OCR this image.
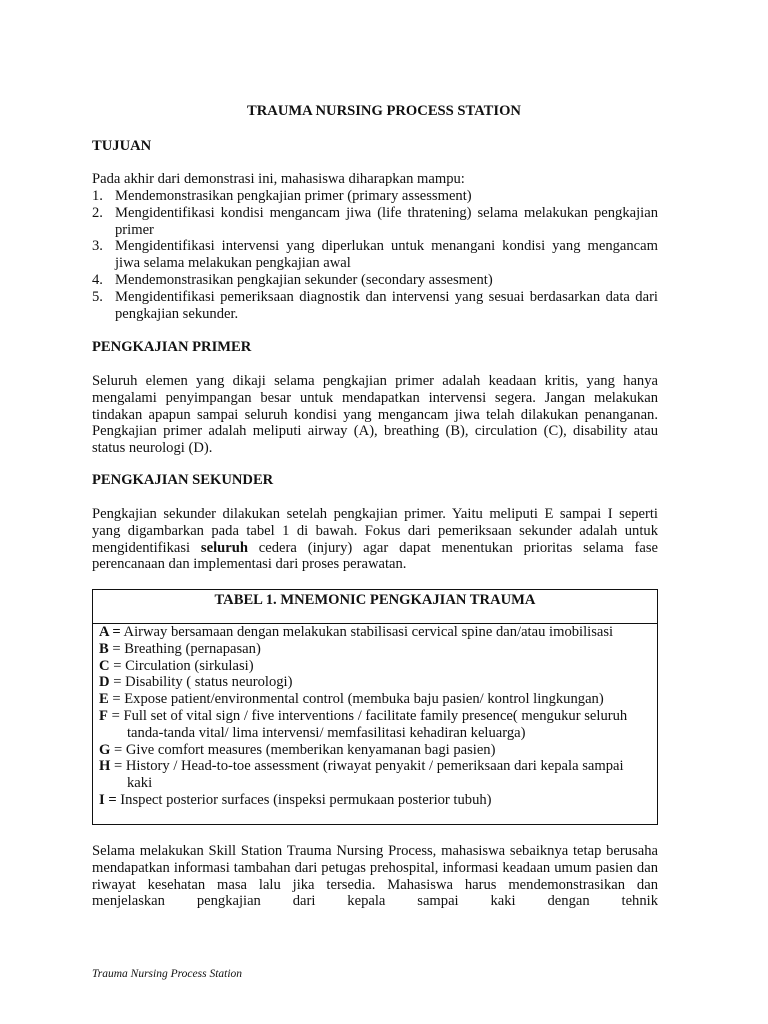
TRAUMA NURSING PROCESS STATION
TUJUAN
Pada akhir dari demonstrasi ini, mahasiswa diharapkan mampu:
1. Mendemonstrasikan pengkajian primer (primary assessment)
2. Mengidentifikasi kondisi mengancam jiwa (life thratening) selama melakukan pengkajian primer
3. Mengidentifikasi intervensi yang diperlukan untuk menangani kondisi yang mengancam jiwa selama melakukan pengkajian awal
4. Mendemonstrasikan pengkajian sekunder (secondary assesment)
5. Mengidentifikasi pemeriksaan diagnostik dan intervensi yang sesuai berdasarkan data dari pengkajian sekunder.
PENGKAJIAN PRIMER
Seluruh elemen yang dikaji selama pengkajian primer adalah keadaan kritis, yang hanya mengalami penyimpangan besar untuk mendapatkan intervensi segera. Jangan melakukan tindakan apapun sampai seluruh kondisi yang mengancam jiwa telah dilakukan penanganan. Pengkajian primer adalah meliputi airway (A), breathing (B), circulation (C), disability atau status neurologi (D).
PENGKAJIAN SEKUNDER
Pengkajian sekunder dilakukan setelah pengkajian primer. Yaitu meliputi E sampai I seperti yang digambarkan pada tabel 1 di bawah. Fokus dari pemeriksaan sekunder adalah untuk mengidentifikasi seluruh cedera (injury) agar dapat menentukan prioritas selama fase perencanaan dan implementasi dari proses perawatan.
TABEL 1. MNEMONIC PENGKAJIAN TRAUMA
A = Airway bersamaan dengan melakukan stabilisasi cervical spine dan/atau imobilisasi
B = Breathing (pernapasan)
C = Circulation (sirkulasi)
D = Disability ( status neurologi)
E = Expose patient/environmental control (membuka baju pasien/ kontrol lingkungan)
F = Full set of vital sign / five interventions / facilitate family presence( mengukur seluruh tanda-tanda vital/ lima intervensi/ memfasilitasi kehadiran keluarga)
G = Give comfort measures (memberikan kenyamanan bagi pasien)
H = History / Head-to-toe assessment (riwayat penyakit / pemeriksaan dari kepala sampai kaki
I = Inspect posterior surfaces (inspeksi permukaan posterior tubuh)
Selama melakukan Skill Station Trauma Nursing Process, mahasiswa sebaiknya tetap berusaha mendapatkan informasi tambahan dari petugas prehospital, informasi keadaan umum pasien dan riwayat kesehatan masa lalu jika tersedia. Mahasiswa harus mendemonstrasikan dan menjelaskan pengkajian dari kepala sampai kaki dengan tehnik
Trauma Nursing Process Station
